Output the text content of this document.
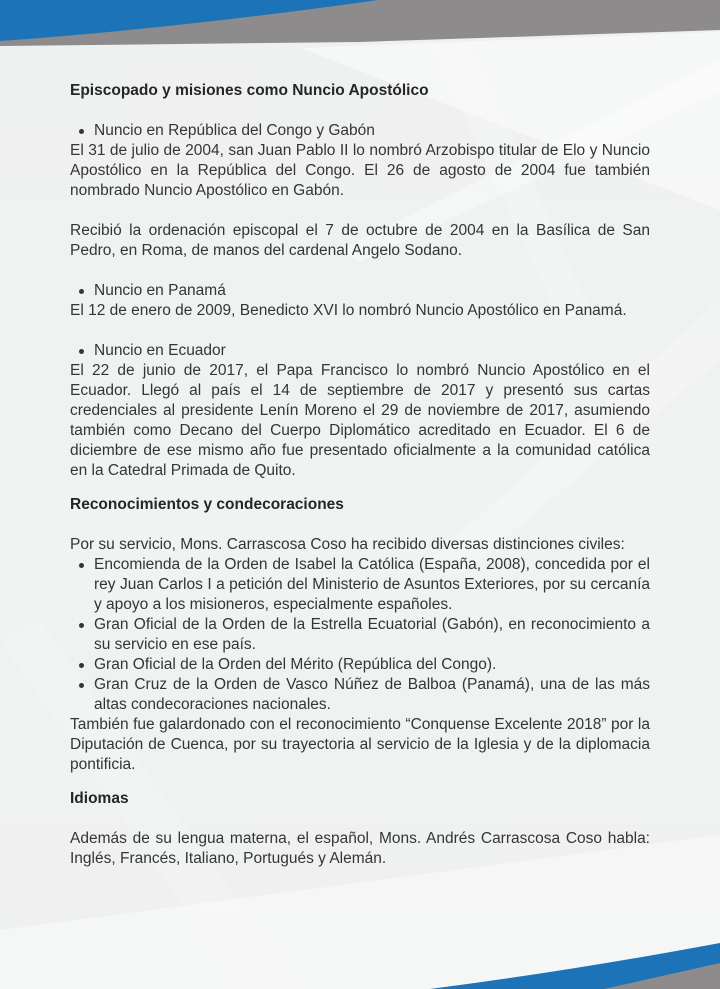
Episcopado y misiones como Nuncio Apostólico
Nuncio en República del Congo y Gabón

El 31 de julio de 2004, san Juan Pablo II lo nombró Arzobispo titular de Elo y Nuncio Apostólico en la República del Congo. El 26 de agosto de 2004 fue también nombrado Nuncio Apostólico en Gabón.

Recibió la ordenación episcopal el 7 de octubre de 2004 en la Basílica de San Pedro, en Roma, de manos del cardenal Angelo Sodano.

Nuncio en Panamá

El 12 de enero de 2009, Benedicto XVI lo nombró Nuncio Apostólico en Panamá.

Nuncio en Ecuador

El 22 de junio de 2017, el Papa Francisco lo nombró Nuncio Apostólico en el Ecuador. Llegó al país el 14 de septiembre de 2017 y presentó sus cartas credenciales al presidente Lenín Moreno el 29 de noviembre de 2017, asumiendo también como Decano del Cuerpo Diplomático acreditado en Ecuador. El 6 de diciembre de ese mismo año fue presentado oficialmente a la comunidad católica en la Catedral Primada de Quito.

Reconocimientos y condecoraciones

Por su servicio, Mons. Carrascosa Coso ha recibido diversas distinciones civiles:

Encomienda de la Orden de Isabel la Católica (España, 2008), concedida por el rey Juan Carlos I a petición del Ministerio de Asuntos Exteriores, por su cercanía y apoyo a los misioneros, especialmente españoles.
Gran Oficial de la Orden de la Estrella Ecuatorial (Gabón), en reconocimiento a su servicio en ese país.
Gran Oficial de la Orden del Mérito (República del Congo).
Gran Cruz de la Orden de Vasco Núñez de Balboa (Panamá), una de las más altas condecoraciones nacionales.

También fue galardonado con el reconocimiento “Conquense Excelente 2018” por la Diputación de Cuenca, por su trayectoria al servicio de la Iglesia y de la diplomacia pontificia.

Idiomas

Además de su lengua materna, el español, Mons. Andrés Carrascosa Coso habla: Inglés, Francés, Italiano, Portugués y Alemán.
